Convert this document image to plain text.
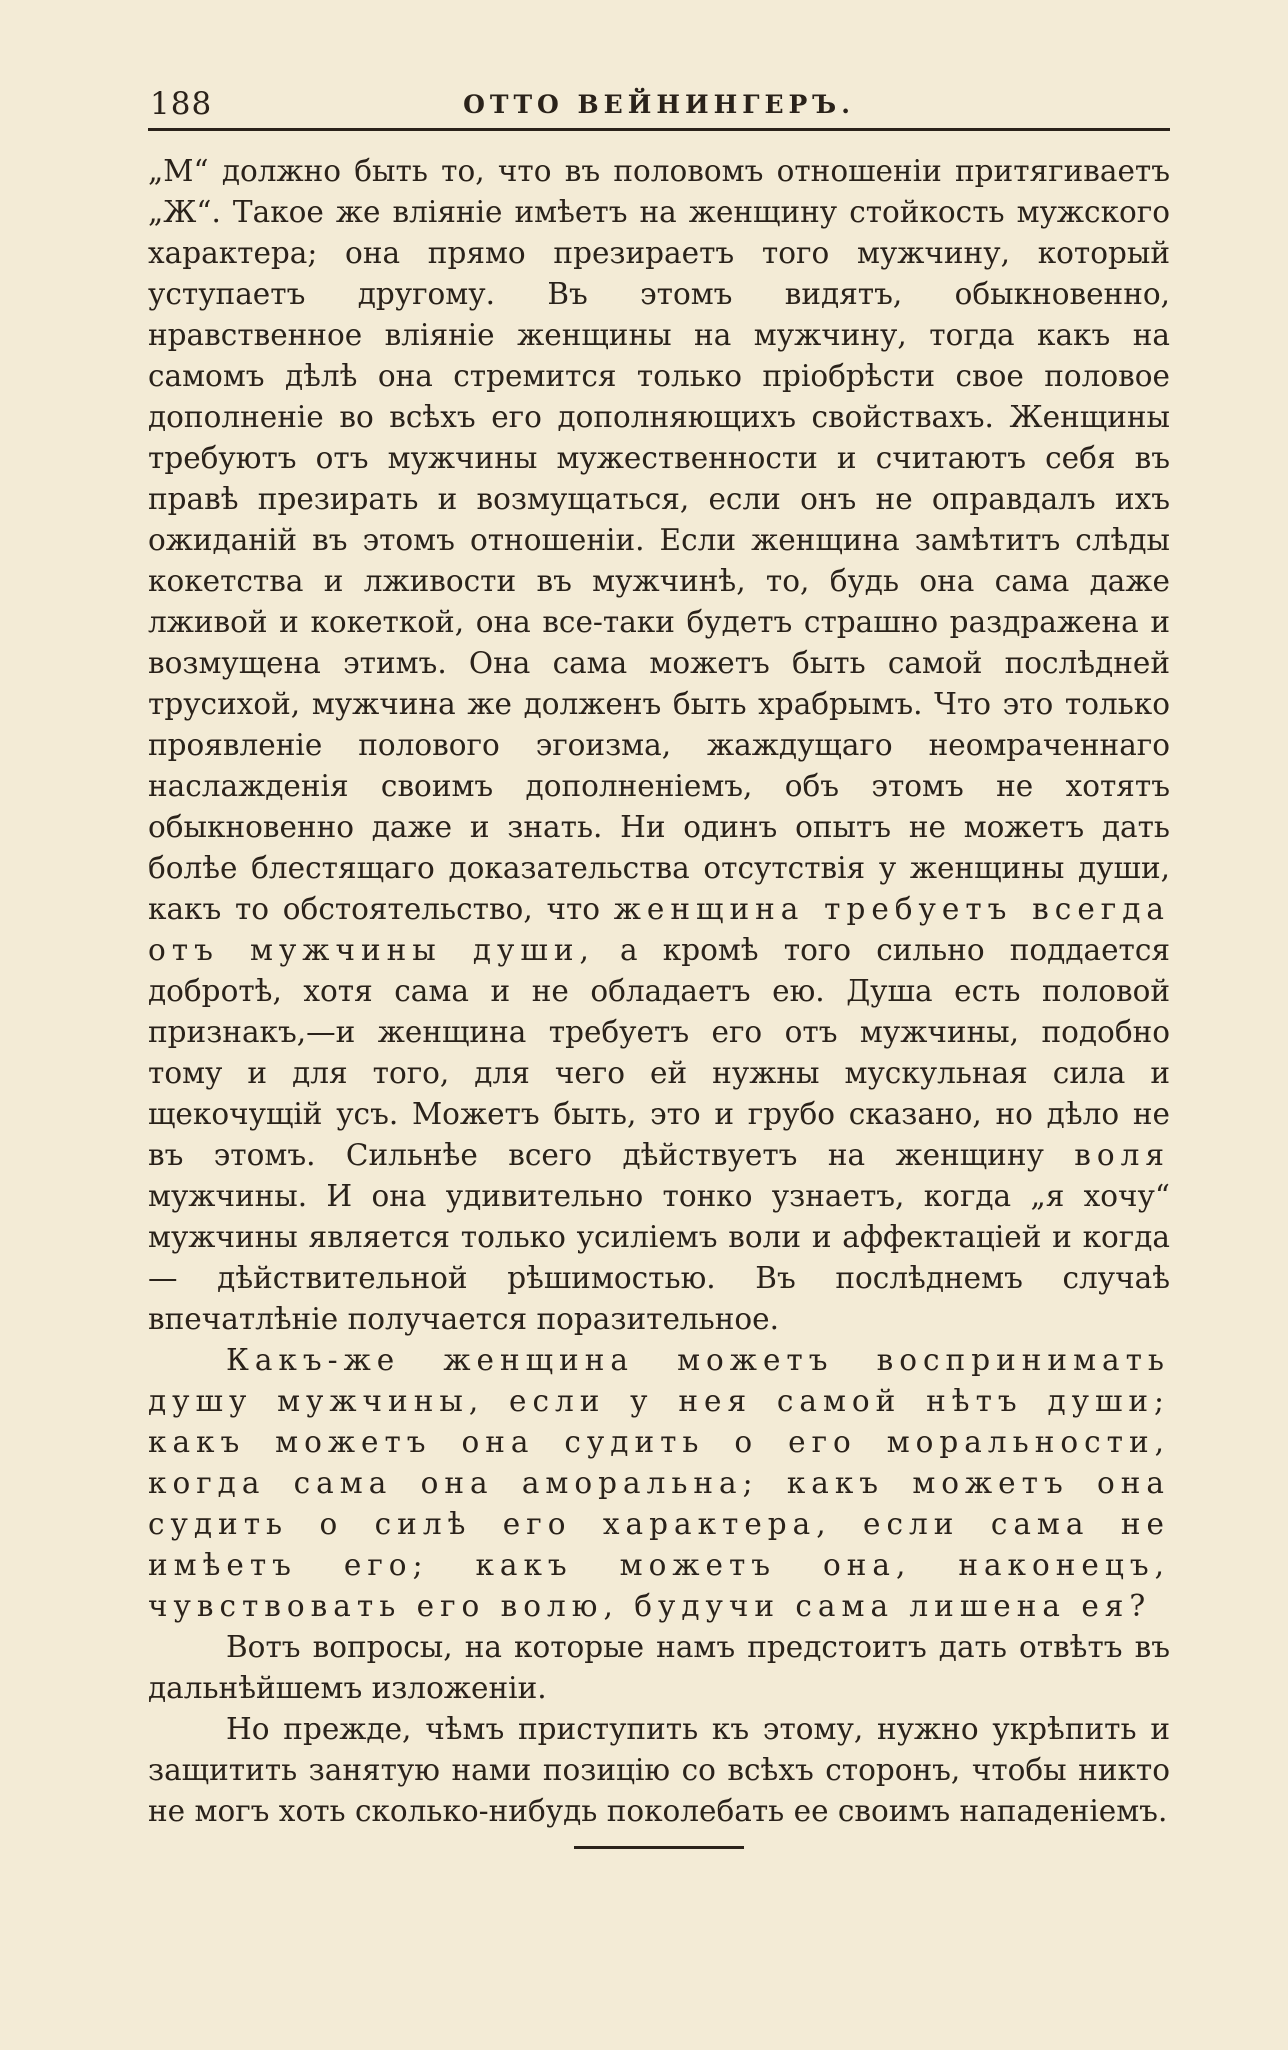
188	ОТТО ВЕЙНИНГЕРЪ.

„М“ должно быть то, что въ половомъ отношенiи притягиваетъ „Ж“. Такое же влiянiе имѣетъ на женщину стойкость мужского характера; она прямо презираетъ того мужчину, который уступаетъ другому. Въ этомъ видятъ, обыкновенно, нравственное влiянiе женщины на мужчину, тогда какъ на самомъ дѣлѣ она стремится только прiобрѣсти свое половое дополненiе во всѣхъ его дополняющихъ свойствахъ. Женщины требуютъ отъ мужчины мужественности и считаютъ себя въ правѣ презирать и возмущаться, если онъ не оправдалъ ихъ ожиданiй въ этомъ отношенiи. Если женщина замѣтитъ слѣды кокетства и лживости въ мужчинѣ, то, будь она сама даже лживой и кокеткой, она все-таки будетъ страшно раздражена и возмущена этимъ. Она сама можетъ быть самой послѣдней трусихой, мужчина же долженъ быть храбрымъ. Что это только проявленiе полового эгоизма, жаждущаго неомраченнаго наслажденiя своимъ дополненiемъ, объ этомъ не хотятъ обыкновенно даже и знать. Ни одинъ опытъ не можетъ дать болѣе блестящаго доказательства отсутствiя у женщины души, какъ то обстоятельство, что женщина требуетъ всегда отъ мужчины души, а кромѣ того сильно поддается добротѣ, хотя сама и не обладаетъ ею. Душа есть половой признакъ,—и женщина требуетъ его отъ мужчины, подобно тому и для того, для чего ей нужны мускульная сила и щекочущiй усъ. Можетъ быть, это и грубо сказано, но дѣло не въ этомъ. Сильнѣе всего дѣйствуетъ на женщину воля мужчины. И она удивительно тонко узнаетъ, когда „я хочу“ мужчины является только усилiемъ воли и аффектацiей и когда — дѣйствительной рѣшимостью. Въ послѣднемъ случаѣ впечатлѣнiе получается поразительное.

Какъ-же женщина можетъ воспринимать душу мужчины, если у нея самой нѣтъ души; какъ можетъ она судить о его моральности, когда сама она аморальна; какъ можетъ она судить о силѣ его характера, если сама не имѣетъ его; какъ можетъ она, наконецъ, чувствовать его волю, будучи сама лишена ея?

Вотъ вопросы, на которые намъ предстоитъ дать отвѣтъ въ дальнѣйшемъ изложенiи.

Но прежде, чѣмъ приступить къ этому, нужно укрѣпить и защитить занятую нами позицiю со всѣхъ сторонъ, чтобы никто не могъ хоть сколько-нибудь поколебать ее своимъ нападенiемъ.
